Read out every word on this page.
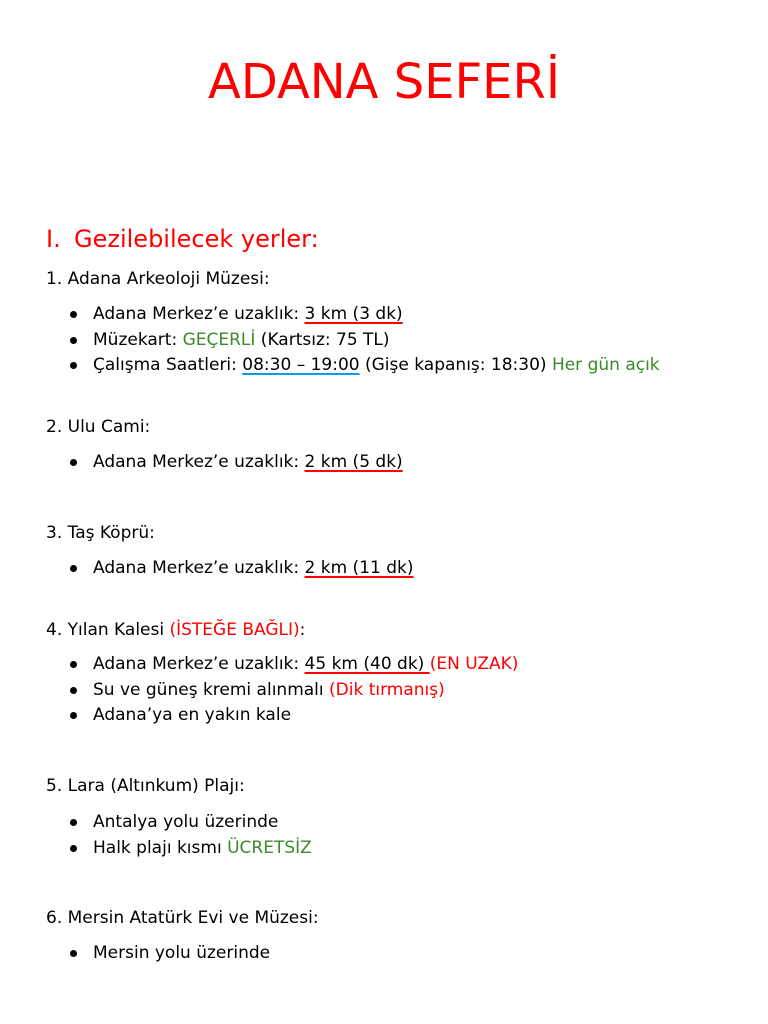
ADANA SEFERİ
I. Gezilebilecek yerler:
1. Adana Arkeoloji Müzesi:
Adana Merkez’e uzaklık: 3 km (3 dk)
Müzekart: GEÇERLİ (Kartsız: 75 TL)
Çalışma Saatleri: 08:30 – 19:00 (Gişe kapanış: 18:30) Her gün açık
2. Ulu Cami:
Adana Merkez’e uzaklık: 2 km (5 dk)
3. Taş Köprü:
Adana Merkez’e uzaklık: 2 km (11 dk)
4. Yılan Kalesi (İSTEĞE BAĞLI):
Adana Merkez’e uzaklık: 45 km (40 dk) (EN UZAK)
Su ve güneş kremi alınmalı (Dik tırmanış)
Adana’ya en yakın kale
5. Lara (Altınkum) Plajı:
Antalya yolu üzerinde
Halk plajı kısmı ÜCRETSİZ
6. Mersin Atatürk Evi ve Müzesi:
Mersin yolu üzerinde
